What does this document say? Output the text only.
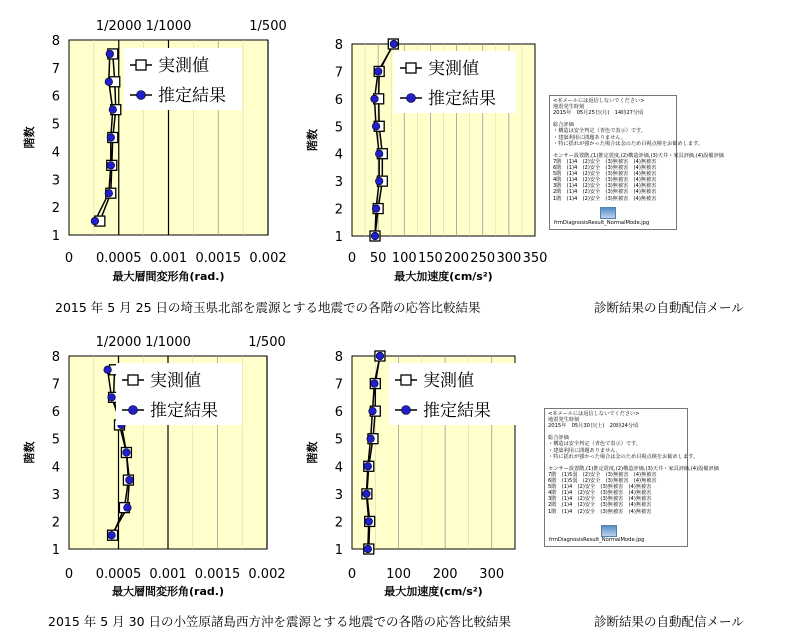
1/2000 1/1000	1/500
0 0.0005 0.001 0.0015 0.002
1
2
3
4
5
6
7
8
最大層間変形角(rad.)
階数
実測値
推定結果
0 50 100 150 200 250 300 350
1
2
3
4
5
6
7
8
最大加速度(cm/s²)
階数
実測値
推定結果
1/2000 1/1000	1/500
0 0.0005 0.001 0.0015 0.002
1
2
3
4
5
6
7
8
最大層間変形角(rad.)
階数
実測値
推定結果
0 100 200 300
1
2
3
4
5
6
7
8
最大加速度(cm/s²)
階数
実測値
推定結果
2015 年 5 月 25 日の埼玉県北部を震源とする地震での各階の応答比較結果	診断結果の自動配信メール
2015 年 5 月 30 日の小笠原諸島西方沖を震源とする地震での各階の応答比較結果	診断結果の自動配信メール
<本メールには返信しないでください>
地震発生時刻
2015年　05月25日(月)　14時27分頃

総合評価
・構造は安全判定（青色で表示）です。
・建築利用に問題ありません。
・特に揺れが強かった場合は念のため目視点検をお勧めします。

センサー設置階,(1)推定震度,(2)構造評価,(3)天井・家具評価,(4)設備評価
7階　(1)4　(2)安全　(3)無被害　(4)無被害
6階　(1)4　(2)安全　(3)無被害　(4)無被害
5階　(1)4　(2)安全　(3)無被害　(4)無被害
4階　(1)4　(2)安全　(3)無被害　(4)無被害
3階　(1)4　(2)安全　(3)無被害　(4)無被害
2階　(1)4　(2)安全　(3)無被害　(4)無被害
1階　(1)4　(2)安全　(3)無被害　(4)無被害
frmDiagnosisResult_NormalMode.jpg
<本メールには返信しないでください>
地震発生時刻
2015年　05月30日(土)　20時24分頃

総合評価
・構造は安全判定（青色で表示）です。
・建築利用に問題ありません。
・特に揺れが強かった場合は念のため目視点検をお勧めします。

センサー設置階,(1)推定震度,(2)構造評価,(3)天井・家具評価,(4)設備評価
7階　(1)5弱　(2)安全　(3)無被害　(4)無被害
6階　(1)5弱　(2)安全　(3)無被害　(4)無被害
5階　(1)4　(2)安全　(3)無被害　(4)無被害
4階　(1)4　(2)安全　(3)無被害　(4)無被害
3階　(1)4　(2)安全　(3)無被害　(4)無被害
2階　(1)4　(2)安全　(3)無被害　(4)無被害
1階　(1)4　(2)安全　(3)無被害　(4)無被害
frmDiagnosisResult_NormalMode.jpg
